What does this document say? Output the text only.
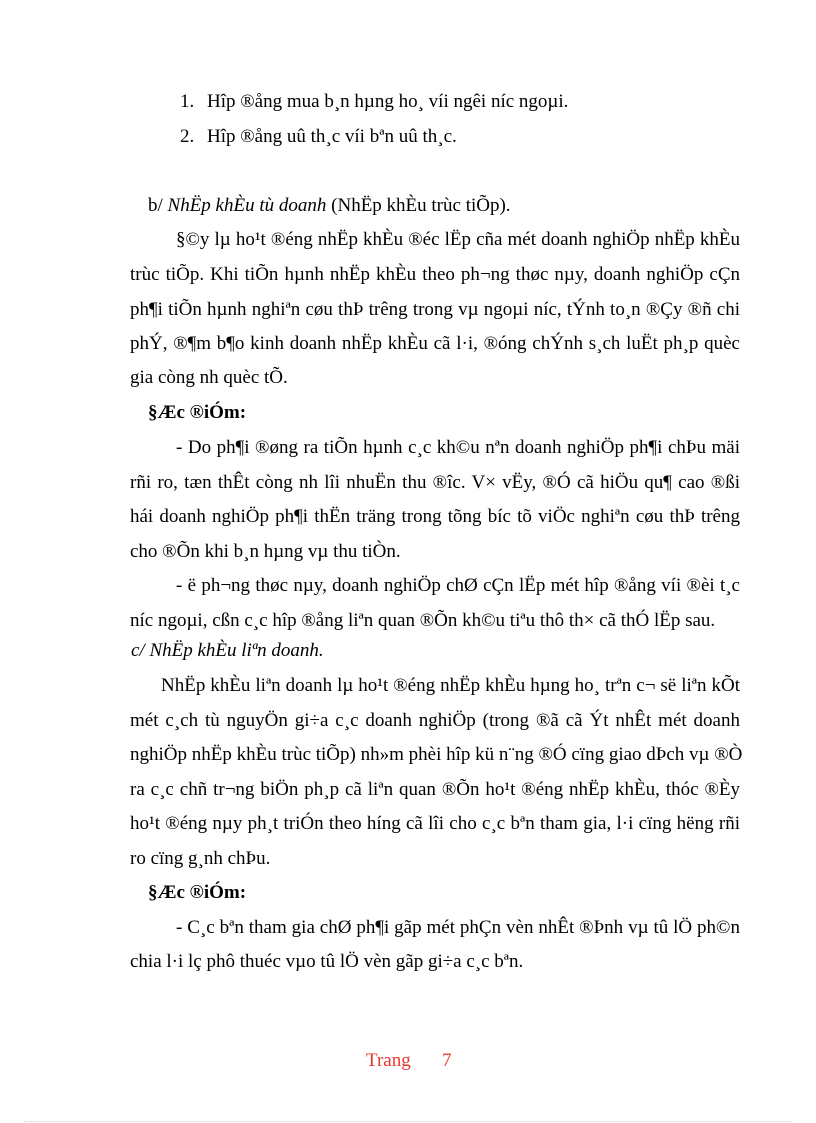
1. Hîp ®ång mua b¸n hµng ho¸ víi ngêi níc ngoµi.
2. Hîp ®ång uû th¸c víi bªn uû th¸c.
b/ NhËp khÈu tù doanh (NhËp khÈu trùc tiÕp).

§©y lµ ho¹t ®éng nhËp khÈu ®éc lËp cña mét doanh nghiÖp nhËp khÈu

trùc tiÕp. Khi tiÕn hµnh nhËp khÈu theo ph¬ng thøc nµy, doanh nghiÖp cÇn

ph¶i tiÕn hµnh nghiªn cøu thÞ trêng trong vµ ngoµi níc, tÝnh to¸n ®Çy ®ñ chi

phÝ, ®¶m b¶o kinh doanh nhËp khÈu cã l·i, ®óng chÝnh s¸ch luËt ph¸p quèc

gia còng nh quèc tÕ.

§Æc ®iÓm:

- Do ph¶i ®øng ra tiÕn hµnh c¸c kh©u nªn doanh nghiÖp ph¶i chÞu mäi

rñi ro, tæn thÊt còng nh lîi nhuËn thu ®îc. V× vËy, ®Ó cã hiÖu qu¶ cao ®ßi

hái doanh nghiÖp ph¶i thËn träng trong tõng bíc tõ viÖc nghiªn cøu thÞ trêng

cho ®Õn khi b¸n hµng vµ thu tiÒn.

- ë ph¬ng thøc nµy, doanh nghiÖp chØ cÇn lËp mét hîp ®ång víi ®èi t¸c

níc ngoµi, cßn c¸c hîp ®ång liªn quan ®Õn kh©u tiªu thô th× cã thÓ lËp sau.

c/ NhËp khÈu liªn doanh.

NhËp khÈu liªn doanh lµ ho¹t ®éng nhËp khÈu hµng ho¸ trªn c¬ së liªn kÕt

mét c¸ch tù nguyÖn gi÷a c¸c doanh nghiÖp (trong ®ã cã Ýt nhÊt mét doanh

nghiÖp nhËp khÈu trùc tiÕp) nh»m phèi hîp kü n¨ng ®Ó cïng giao dÞch vµ ®Ò

ra c¸c chñ tr¬ng biÖn ph¸p cã liªn quan ®Õn ho¹t ®éng nhËp khÈu, thóc ®Èy

ho¹t ®éng nµy ph¸t triÓn theo híng cã lîi cho c¸c bªn tham gia, l·i cïng hëng rñi

ro cïng g¸nh chÞu.

§Æc ®iÓm:

- C¸c bªn tham gia chØ ph¶i gãp mét phÇn vèn nhÊt ®Þnh vµ tû lÖ ph©n

chia l·i lç phô thuéc vµo tû lÖ vèn gãp gi÷a c¸c bªn.

Trang 7
